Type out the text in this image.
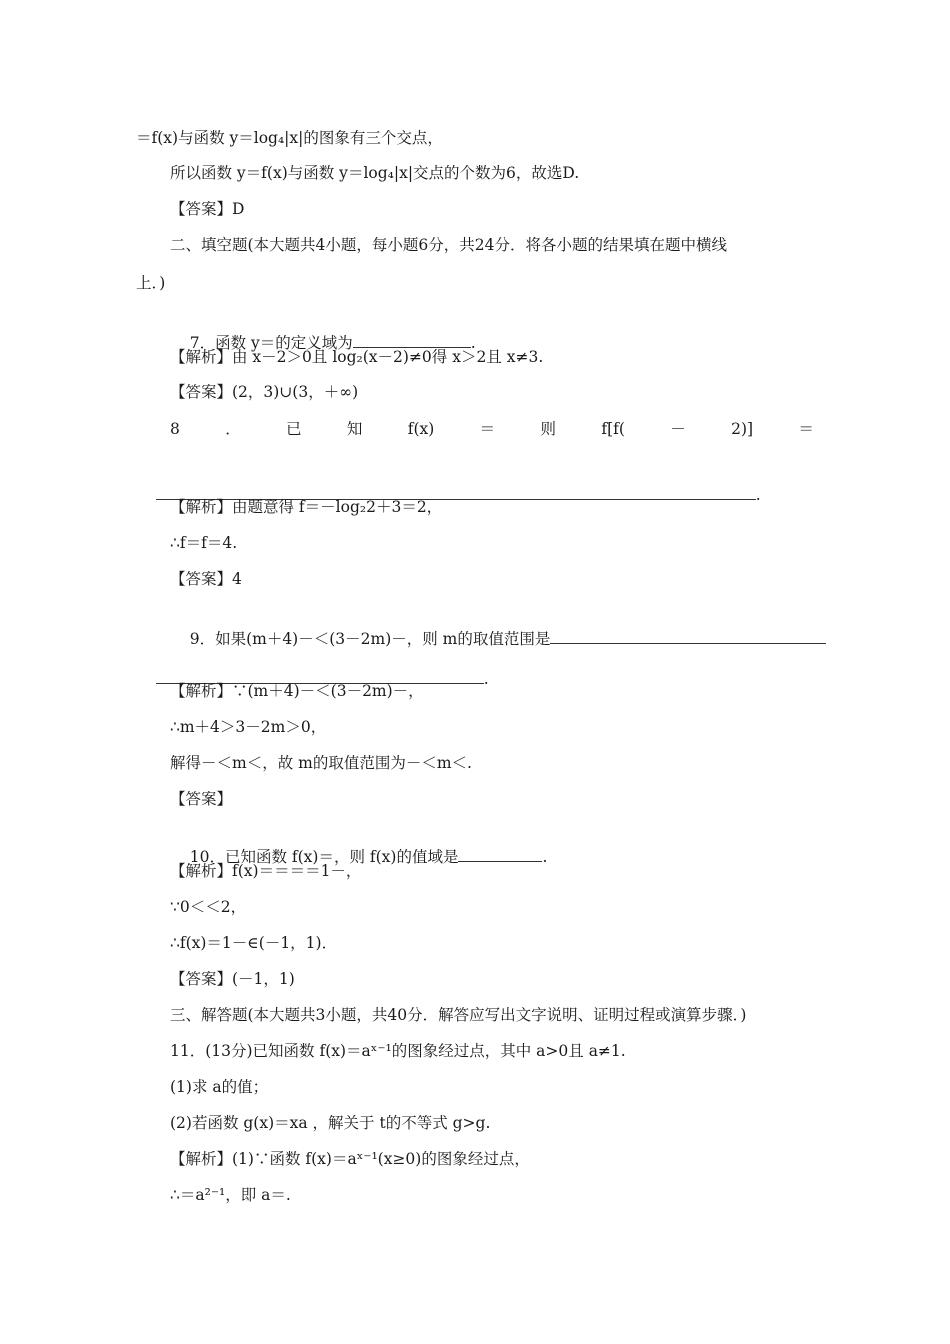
＝f(x)与函数 y＝log₄|x|的图象有三个交点，
所以函数 y＝f(x)与函数 y＝log₄|x|交点的个数为6，故选D.
【答案】D
二、填空题(本大题共4小题，每小题6分，共24分．将各小题的结果填在题中横线
上．)

7．函数 y＝的定义域为	.

【解析】由 x－2＞0且 log₂(x－2)≠0得 x＞2且 x≠3.
【答案】(2，3)∪(3，＋∞)
8	．	已	知	f(x)	＝	则	f[f(	－	2)]	＝

.

【解析】由题意得 f＝－log₂2＋3＝2，
∴f＝f＝4.
【答案】4

9．如果(m＋4)－＜(3－2m)－，则 m的取值范围是

.

【解析】∵(m＋4)－＜(3－2m)－，
∴m＋4＞3－2m＞0，
解得－＜m＜，故 m的取值范围为－＜m＜.
【答案】

10．已知函数 f(x)＝，则 f(x)的值域是	.

【解析】f(x)＝＝＝＝1－，
∵0＜＜2，
∴f(x)＝1－∈(－1，1)．
【答案】(－1，1)
三、解答题(本大题共3小题，共40分．解答应写出文字说明、证明过程或演算步骤．)
11．(13分)已知函数 f(x)＝aˣ⁻¹的图象经过点，其中 a>0且 a≠1.
(1)求 a的值；
(2)若函数 g(x)＝xa ，解关于 t的不等式 g>g.
【解析】(1)∵函数 f(x)＝aˣ⁻¹(x≥0)的图象经过点，
∴＝a²⁻¹，即 a＝.
